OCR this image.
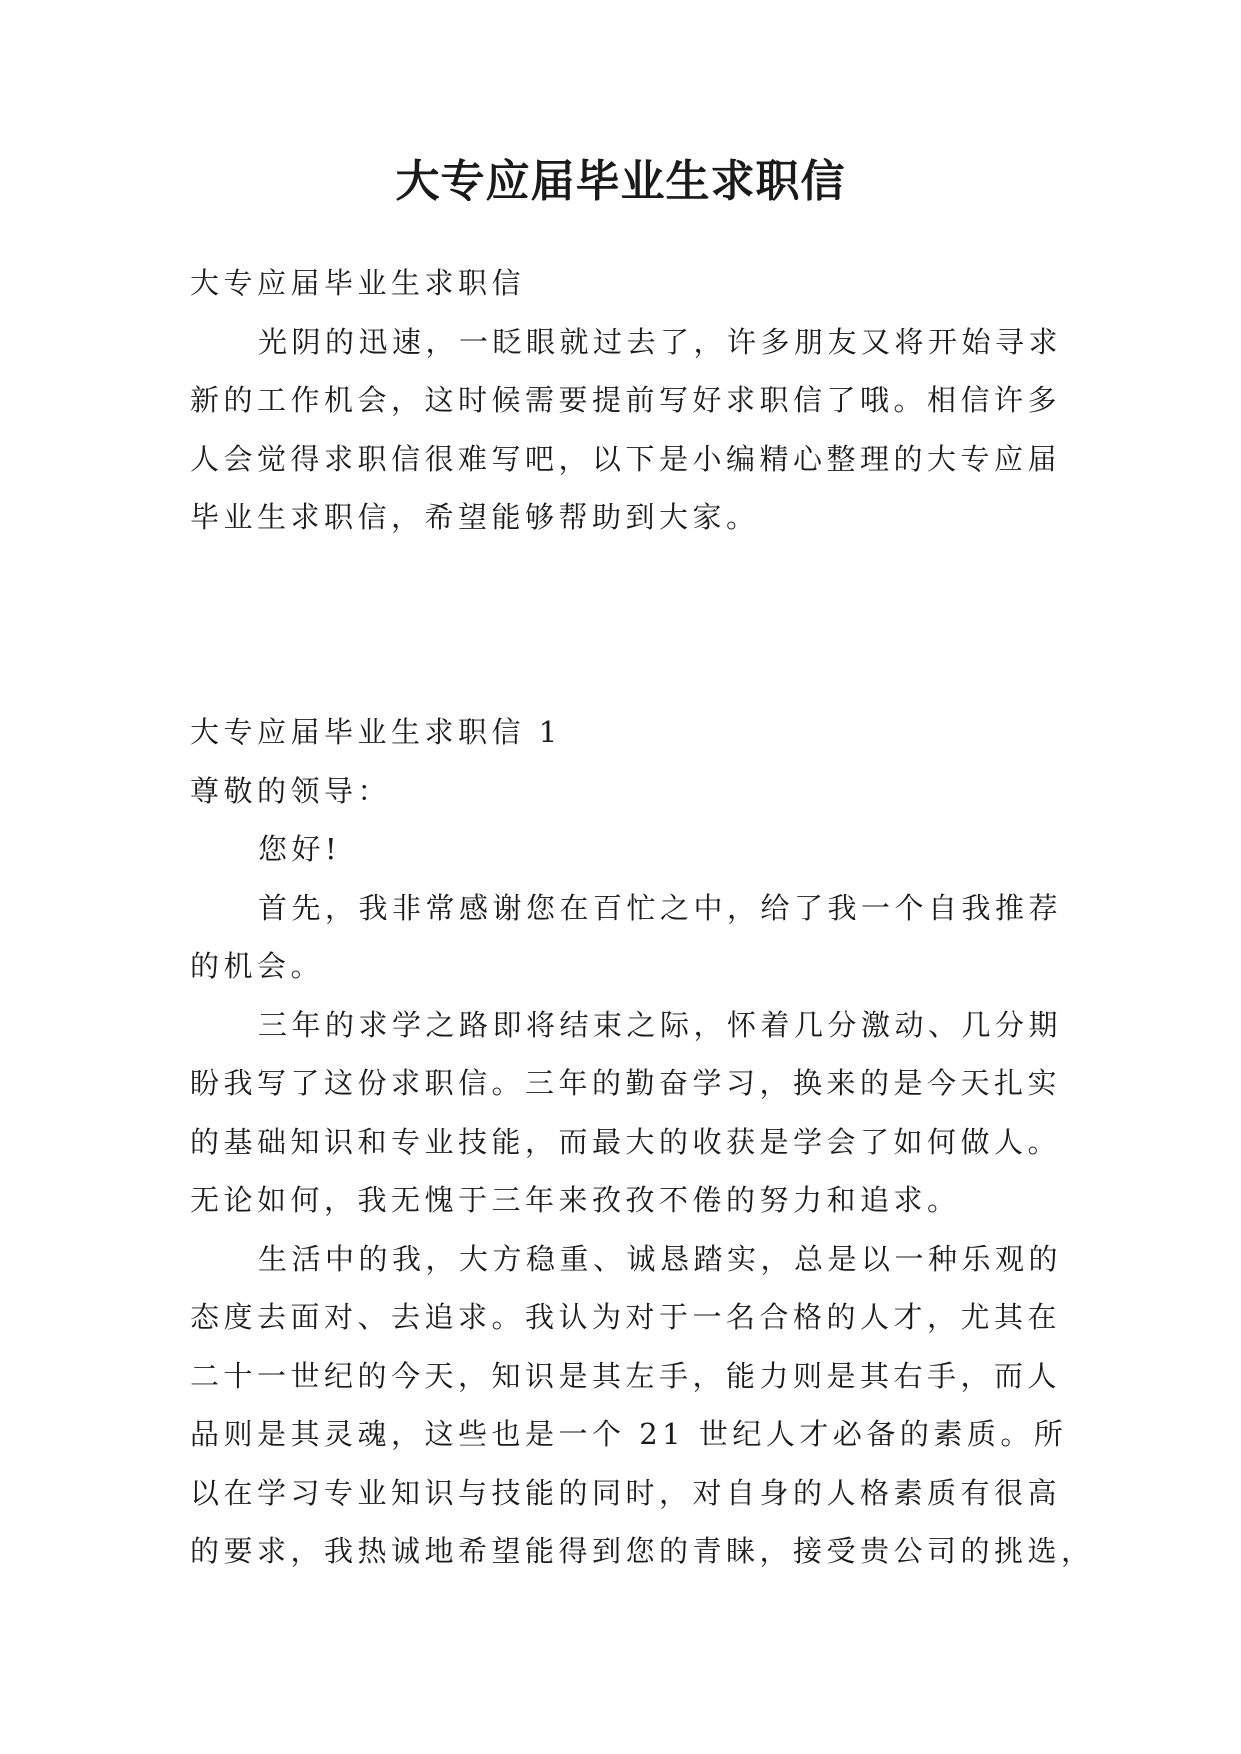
大专应届毕业生求职信
大专应届毕业生求职信
光阴的迅速，一眨眼就过去了，许多朋友又将开始寻求
新的工作机会，这时候需要提前写好求职信了哦。相信许多
人会觉得求职信很难写吧，以下是小编精心整理的大专应届
毕业生求职信，希望能够帮助到大家。
大专应届毕业生求职信 1
尊敬的领导：
您好!
首先，我非常感谢您在百忙之中，给了我一个自我推荐
的机会。
三年的求学之路即将结束之际，怀着几分激动、几分期
盼我写了这份求职信。三年的勤奋学习，换来的是今天扎实
的基础知识和专业技能，而最大的收获是学会了如何做人。
无论如何，我无愧于三年来孜孜不倦的努力和追求。
生活中的我，大方稳重、诚恳踏实，总是以一种乐观的
态度去面对、去追求。我认为对于一名合格的人才，尤其在
二十一世纪的今天，知识是其左手，能力则是其右手，而人
品则是其灵魂，这些也是一个 21 世纪人才必备的素质。所
以在学习专业知识与技能的同时，对自身的人格素质有很高
的要求，我热诚地希望能得到您的青睐，接受贵公司的挑选，
